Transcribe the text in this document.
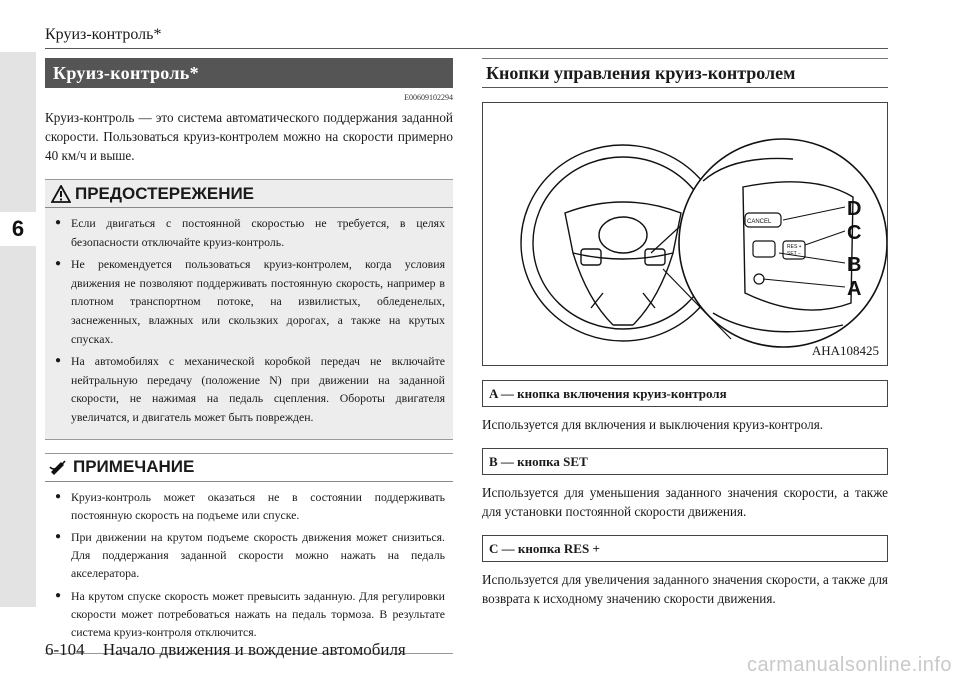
6
Круиз-контроль*
Круиз-контроль*
E00609102294

Круиз-контроль — это система автоматического поддержания заданной скорости. Пользоваться круиз-контролем можно на скорости примерно 40 км/ч и выше.

ПРЕДОСТЕРЕЖЕНИЕ
● Если двигаться с постоянной скоростью не требуется, в целях безопасности отключайте круиз-контроль.
● Не рекомендуется пользоваться круиз-контролем, когда условия движения не позволяют поддерживать постоянную скорость, например в плотном транспортном потоке, на извилистых, обледенелых, заснеженных, влажных или скользких дорогах, а также на крутых спусках.
● На автомобилях с механической коробкой передач не включайте нейтральную передачу (положение N) при движении на заданной скорости, не нажимая на педаль сцепления. Обороты двигателя увеличатся, и двигатель может быть поврежден.
ПРИМЕЧАНИЕ
● Круиз-контроль может оказаться не в состоянии поддерживать постоянную скорость на подъеме или спуске.
● При движении на крутом подъеме скорость движения может снизиться. Для поддержания заданной скорости можно нажать на педаль акселератора.
● На крутом спуске скорость может превысить заданную. Для регулировки скорости может потребоваться нажать на педаль тормоза. В результате система круиз-контроля отключится.
Кнопки управления круиз-контролем
CANCEL
RES +
SET −
D
C
B
A
AHA108425
A — кнопка включения круиз-контроля

Используется для включения и выключения круиз-контроля.

B — кнопка SET

Используется для уменьшения заданного значения скорости, а также для установки постоянной скорости движения.

C — кнопка RES +

Используется для увеличения заданного значения скорости, а также для возврата к исходному значению скорости движения.

6-104 Начало движения и вождение автомобиля
carmanualsonline.info
